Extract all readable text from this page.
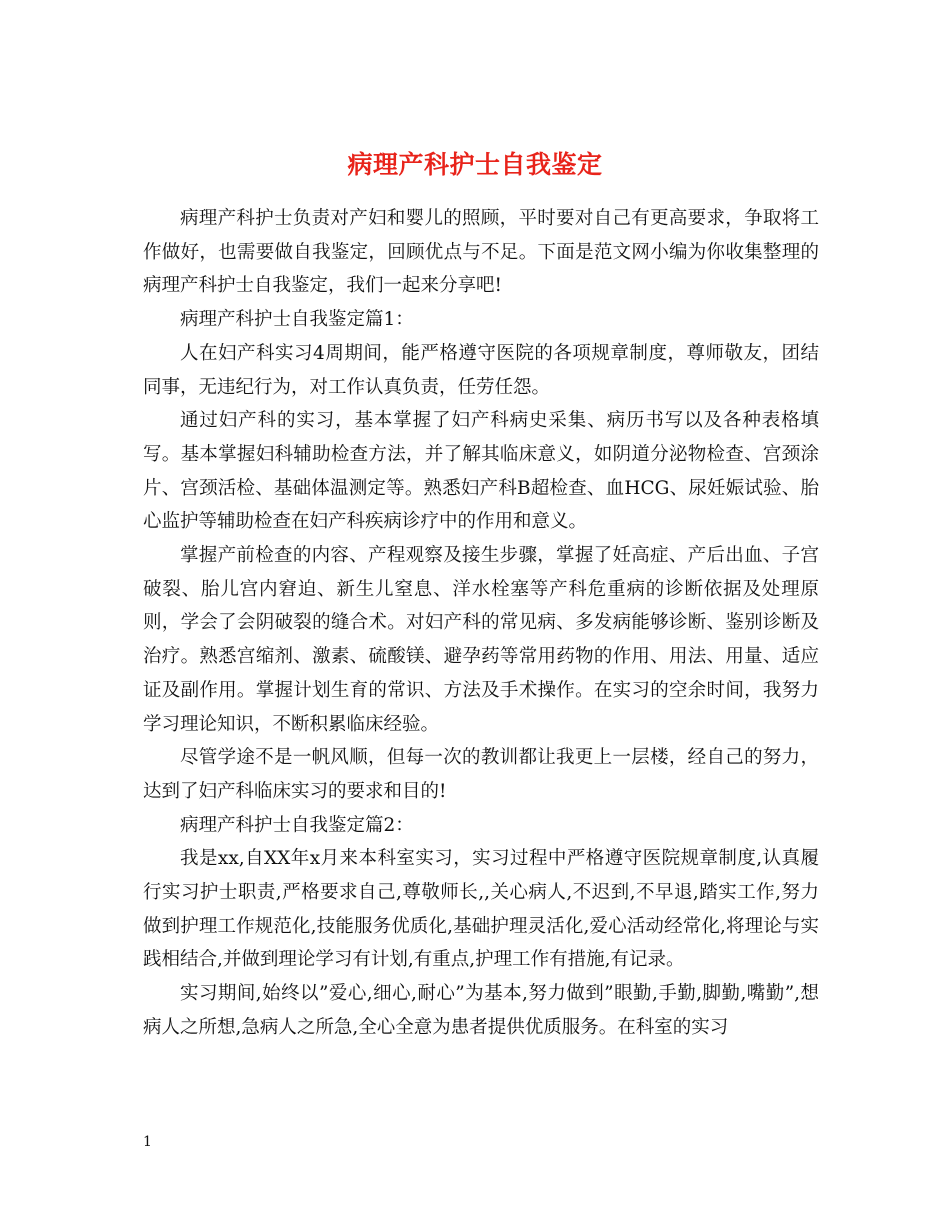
病理产科护士自我鉴定

病理产科护士负责对产妇和婴儿的照顾，平时要对自己有更高要求，争取将工作做好，也需要做自我鉴定，回顾优点与不足。下面是范文网小编为你收集整理的病理产科护士自我鉴定，我们一起来分享吧!

病理产科护士自我鉴定篇1：

人在妇产科实习4周期间，能严格遵守医院的各项规章制度，尊师敬友，团结同事，无违纪行为，对工作认真负责，任劳任怨。

通过妇产科的实习，基本掌握了妇产科病史采集、病历书写以及各种表格填写。基本掌握妇科辅助检查方法，并了解其临床意义，如阴道分泌物检查、宫颈涂片、宫颈活检、基础体温测定等。熟悉妇产科B超检查、血HCG、尿妊娠试验、胎心监护等辅助检查在妇产科疾病诊疗中的作用和意义。

掌握产前检查的内容、产程观察及接生步骤，掌握了妊高症、产后出血、子宫破裂、胎儿宫内窘迫、新生儿窒息、洋水栓塞等产科危重病的诊断依据及处理原则，学会了会阴破裂的缝合术。对妇产科的常见病、多发病能够诊断、鉴别诊断及治疗。熟悉宫缩剂、激素、硫酸镁、避孕药等常用药物的作用、用法、用量、适应证及副作用。掌握计划生育的常识、方法及手术操作。在实习的空余时间，我努力学习理论知识，不断积累临床经验。

尽管学途不是一帆风顺，但每一次的教训都让我更上一层楼，经自己的努力，达到了妇产科临床实习的要求和目的!

病理产科护士自我鉴定篇2：

我是xx,自XX年x月来本科室实习，实习过程中严格遵守医院规章制度,认真履行实习护士职责,严格要求自己,尊敬师长,,关心病人,不迟到,不早退,踏实工作,努力做到护理工作规范化,技能服务优质化,基础护理灵活化,爱心活动经常化,将理论与实践相结合,并做到理论学习有计划,有重点,护理工作有措施,有记录。

实习期间,始终以”爱心,细心,耐心”为基本,努力做到”眼勤,手勤,脚勤,嘴勤”,想病人之所想,急病人之所急,全心全意为患者提供优质服务。在科室的实习

1
